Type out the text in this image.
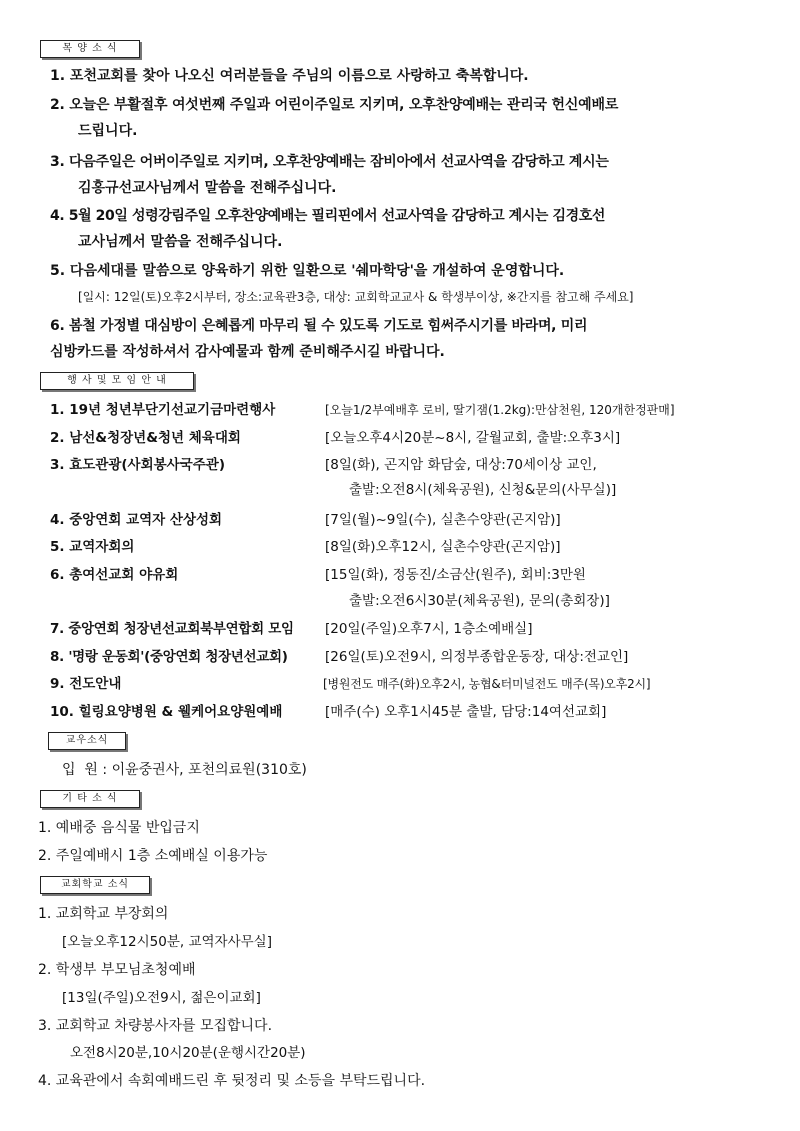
목 양 소 식
1. 포천교회를 찾아 나오신 여러분들을 주님의 이름으로 사랑하고 축복합니다.
2. 오늘은 부활절후 여섯번째 주일과 어린이주일로 지키며, 오후찬양예배는 관리국 헌신예배로
드립니다.
3. 다음주일은 어버이주일로 지키며, 오후찬양예배는 잠비아에서 선교사역을 감당하고 계시는
김홍규선교사님께서 말씀을 전해주십니다.
4. 5월 20일 성령강림주일 오후찬양예배는 필리핀에서 선교사역을 감당하고 계시는 김경호선
교사님께서 말씀을 전해주십니다.
5. 다음세대를 말씀으로 양육하기 위한 일환으로 '쉐마학당'을 개설하여 운영합니다.
[일시: 12일(토)오후2시부터, 장소:교육관3층, 대상: 교회학교교사 & 학생부이상, ※간지를 참고해 주세요]
6. 봄철 가정별 대심방이 은혜롭게 마무리 될 수 있도록 기도로 힘써주시기를 바라며, 미리
심방카드를 작성하셔서 감사예물과 함께 준비해주시길 바랍니다.
행 사 및 모 임 안 내
1. 19년 청년부단기선교기금마련행사	[오늘1/2부예배후 로비, 딸기잼(1.2kg):만삼천원, 120개한정판매]
2. 남선&청장년&청년 체육대회	[오늘오후4시20분~8시, 갈월교회, 출발:오후3시]
3. 효도관광(사회봉사국주관)	[8일(화), 곤지암 화담숲, 대상:70세이상 교인,
출발:오전8시(체육공원), 신청&문의(사무실)]
4. 중앙연회 교역자 산상성회	[7일(월)~9일(수), 실촌수양관(곤지암)]
5. 교역자회의	[8일(화)오후12시, 실촌수양관(곤지암)]
6. 총여선교회 야유회	[15일(화), 정동진/소금산(원주), 회비:3만원
출발:오전6시30분(체육공원), 문의(총회장)]
7. 중앙연회 청장년선교회북부연합회 모임 [20일(주일)오후7시, 1층소예배실]
8. '명랑 운동회'(중앙연회 청장년선교회)	[26일(토)오전9시, 의정부종합운동장, 대상:전교인]
9. 전도안내	[병원전도 매주(화)오후2시, 농협&터미널전도 매주(목)오후2시]
10. 힐링요양병원 & 웰케어요양원예배	[매주(수) 오후1시45분 출발, 담당:14여선교회]
교우소식
입  원 : 이윤중권사, 포천의료원(310호)
기 타 소 식
1. 예배중 음식물 반입금지
2. 주일예배시 1층 소예배실 이용가능
교회학교 소식
1. 교회학교 부장회의
[오늘오후12시50분, 교역자사무실]
2. 학생부 부모님초청예배
[13일(주일)오전9시, 젊은이교회]
3. 교회학교 차량봉사자를 모집합니다.
오전8시20분,10시20분(운행시간20분)
4. 교육관에서 속회예배드린 후 뒷정리 및 소등을 부탁드립니다.
